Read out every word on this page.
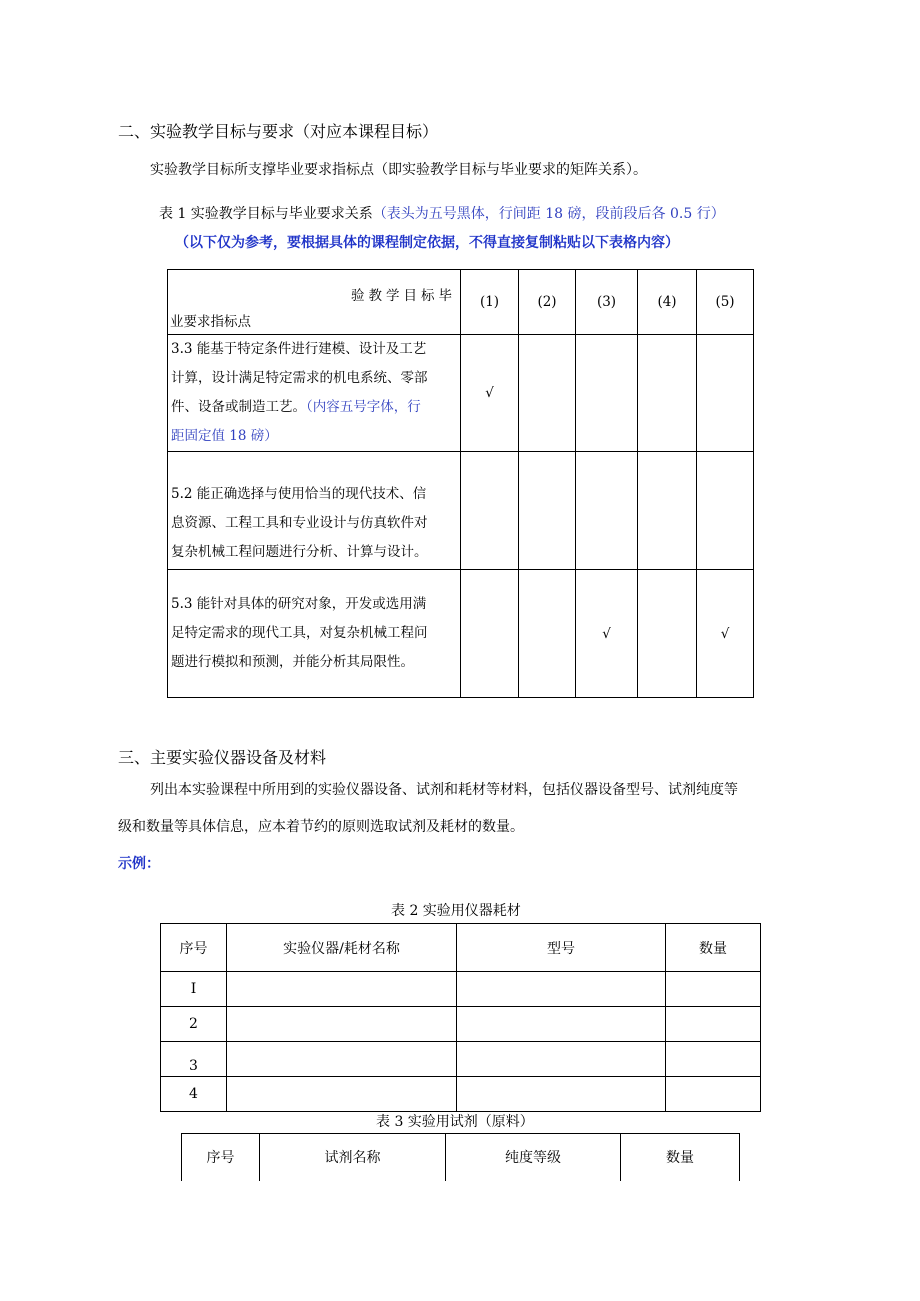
二、实验教学目标与要求（对应本课程目标）
实验教学目标所支撑毕业要求指标点（即实验教学目标与毕业要求的矩阵关系）。
表 1 实验教学目标与毕业要求关系（表头为五号黑体，行间距 18 磅，段前段后各 0.5 行）
（以下仅为参考，要根据具体的课程制定依据，不得直接复制粘贴以下表格内容）
验教学目标毕
业要求指标点	(1)	(2)	(3)	(4)	(5)

3.3 能基于特定条件进行建模、设计及工艺
计算，设计满足特定需求的机电系统、零部
件、设备或制造工艺。（内容五号字体，行
距固定值 18 磅）	√				

5.2 能正确选择与使用恰当的现代技术、信
息资源、工程工具和专业设计与仿真软件对
复杂机械工程问题进行分析、计算与设计。					

5.3 能针对具体的研究对象，开发或选用满
足特定需求的现代工具，对复杂机械工程问
题进行模拟和预测，并能分析其局限性。			√		√
三、主要实验仪器设备及材料
列出本实验课程中所用到的实验仪器设备、试剂和耗材等材料，包括仪器设备型号、试剂纯度等
级和数量等具体信息，应本着节约的原则选取试剂及耗材的数量。
示例：
表 2 实验用仪器耗材
序号	实验仪器/耗材名称	型号	数量
I			
2			
3			
4			
表 3 实验用试剂（原料）
序号	试剂名称	纯度等级	数量
